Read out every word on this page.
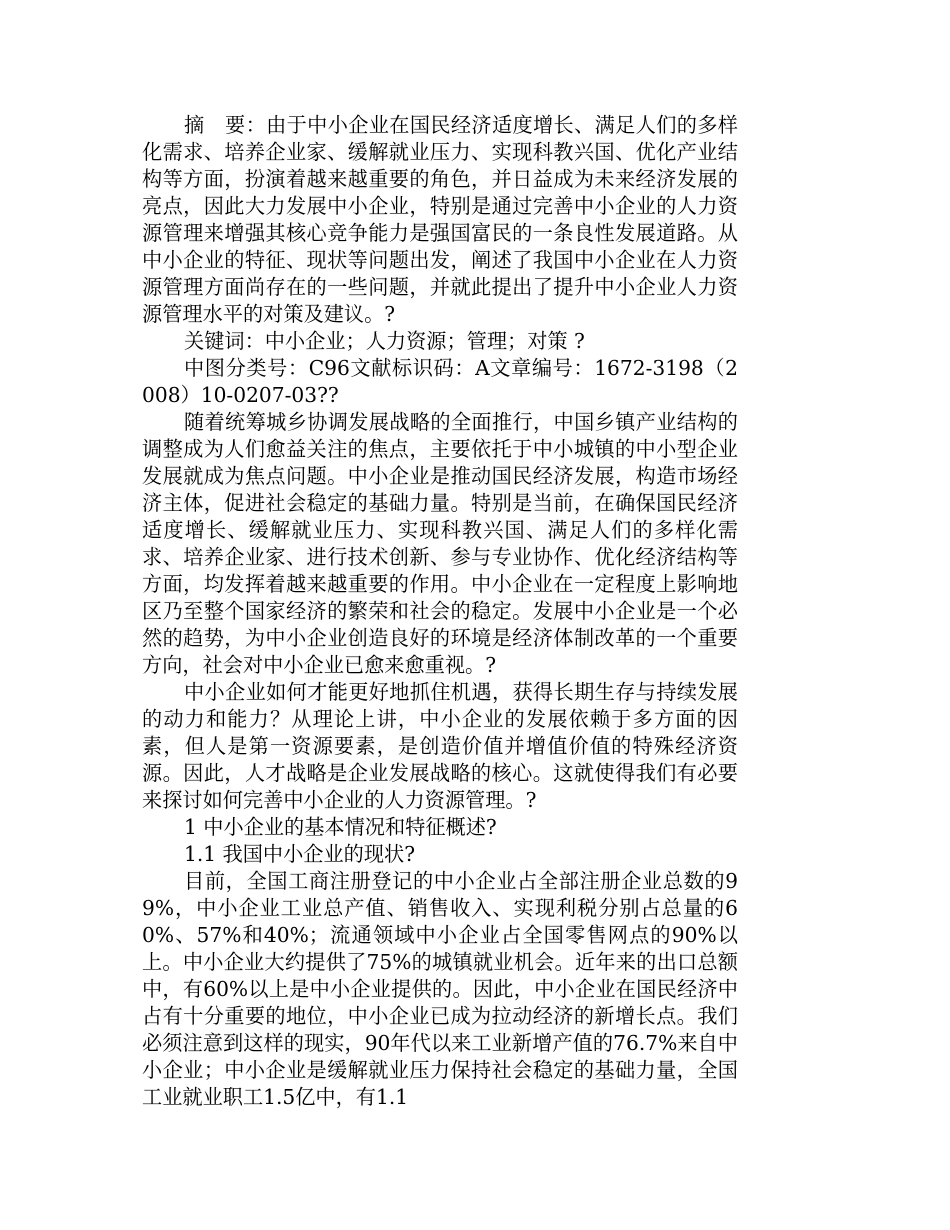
摘　要：由于中小企业在国民经济适度增长、满足人们的多样化需求、培养企业家、缓解就业压力、实现科教兴国、优化产业结构等方面，扮演着越来越重要的角色，并日益成为未来经济发展的亮点，因此大力发展中小企业，特别是通过完善中小企业的人力资源管理来增强其核心竞争能力是强国富民的一条良性发展道路。从中小企业的特征、现状等问题出发，阐述了我国中小企业在人力资源管理方面尚存在的一些问题，并就此提出了提升中小企业人力资源管理水平的对策及建议。?

关键词：中小企业；人力资源；管理；对策 ?

中图分类号：C96文献标识码：A文章编号：1672-3198（2008）10-0207-03??

随着统筹城乡协调发展战略的全面推行，中国乡镇产业结构的调整成为人们愈益关注的焦点，主要依托于中小城镇的中小型企业发展就成为焦点问题。中小企业是推动国民经济发展，构造市场经济主体，促进社会稳定的基础力量。特别是当前，在确保国民经济适度增长、缓解就业压力、实现科教兴国、满足人们的多样化需求、培养企业家、进行技术创新、参与专业协作、优化经济结构等方面，均发挥着越来越重要的作用。中小企业在一定程度上影响地区乃至整个国家经济的繁荣和社会的稳定。发展中小企业是一个必然的趋势，为中小企业创造良好的环境是经济体制改革的一个重要方向，社会对中小企业已愈来愈重视。?

中小企业如何才能更好地抓住机遇，获得长期生存与持续发展的动力和能力？从理论上讲，中小企业的发展依赖于多方面的因素，但人是第一资源要素，是创造价值并增值价值的特殊经济资源。因此，人才战略是企业发展战略的核心。这就使得我们有必要来探讨如何完善中小企业的人力资源管理。?

1 中小企业的基本情况和特征概述?

1.1 我国中小企业的现状?

目前，全国工商注册登记的中小企业占全部注册企业总数的99%，中小企业工业总产值、销售收入、实现利税分别占总量的60%、57%和40%；流通领域中小企业占全国零售网点的90%以上。中小企业大约提供了75%的城镇就业机会。近年来的出口总额中，有60%以上是中小企业提供的。因此，中小企业在国民经济中占有十分重要的地位，中小企业已成为拉动经济的新增长点。我们必须注意到这样的现实，90年代以来工业新增产值的76.7%来自中小企业；中小企业是缓解就业压力保持社会稳定的基础力量，全国工业就业职工1.5亿中，有1.1
